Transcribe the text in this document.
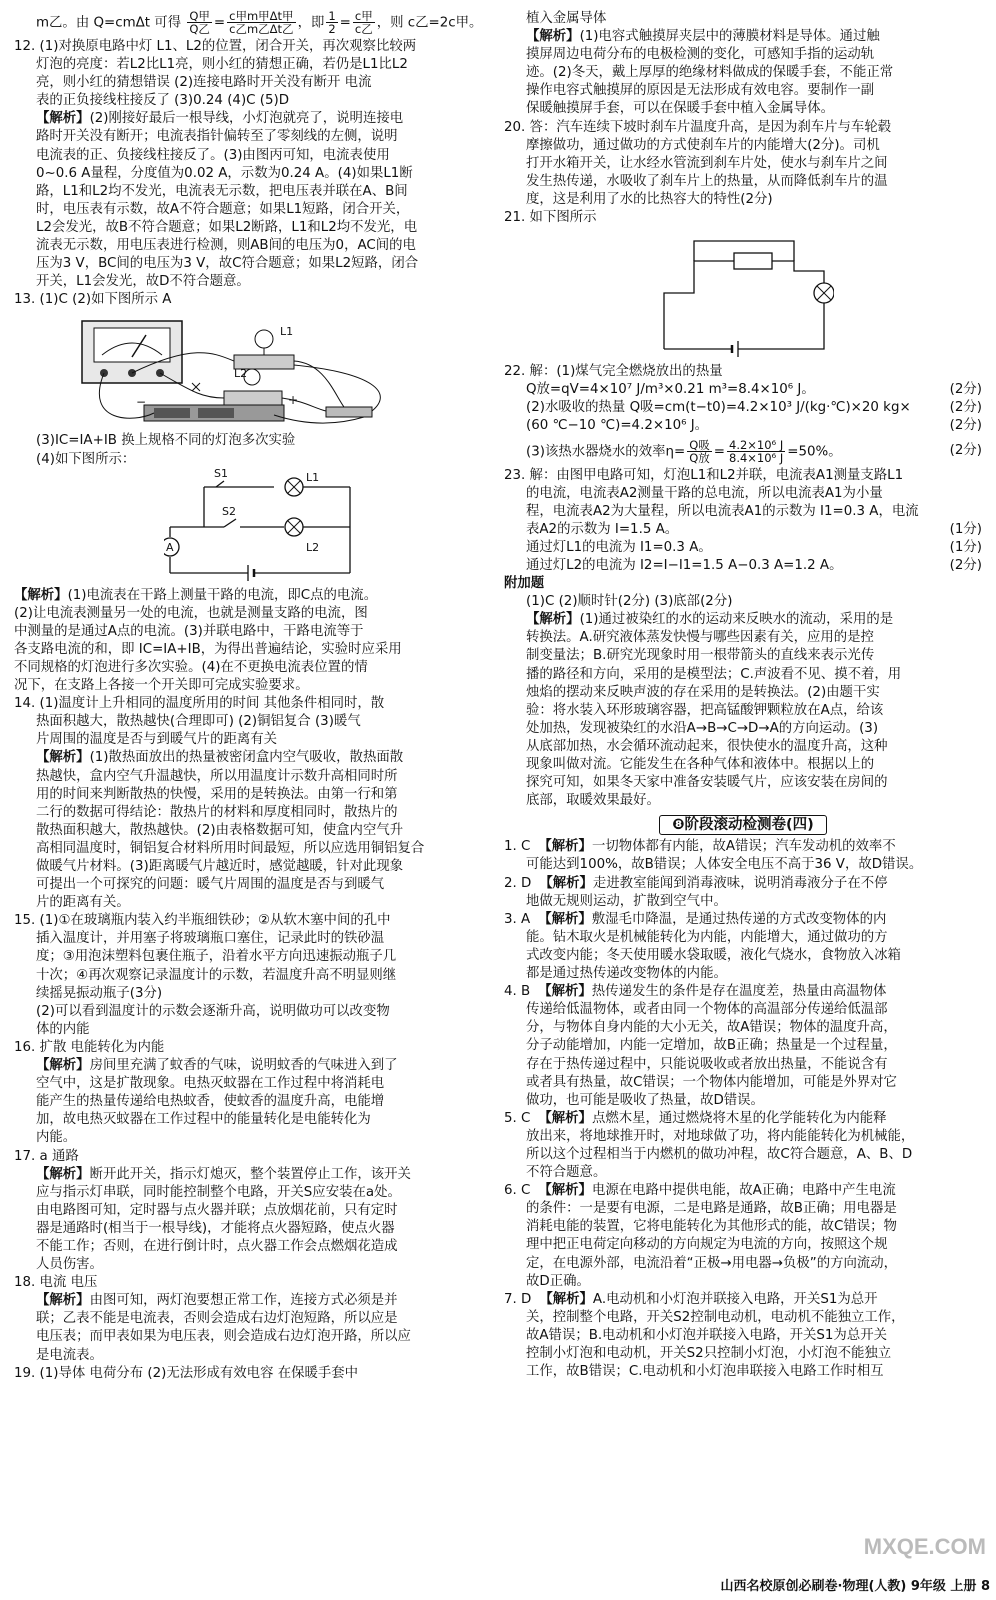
m乙。由 Q=cmΔt 可得 $\frac{\text{Q甲}}{\text{Q乙}} = \frac{\text{c甲m甲Δt甲}}{\text{c乙m乙Δt乙}}$ ，即 $\frac{1}{2} = \frac{\text{c甲}}{\text{c乙}}$ ，则 c乙=2c甲。

12. (1)对换原电路中灯 L1、L2的位置，闭合开关，再次观察比较两

灯泡的亮度：若L2比L1亮，则小红的猜想正确，若仍是L1比L2

亮，则小红的猜想错误 (2)连接电路时开关没有断开 电流

表的正负接线柱接反了 (3)0.24 (4)C (5)D

【解析】(2)刚接好最后一根导线，小灯泡就亮了，说明连接电

路时开关没有断开；电流表指针偏转至了零刻线的左侧，说明

电流表的正、负接线柱接反了。(3)由图丙可知，电流表使用

0~0.6 A量程，分度值为0.02 A，示数为0.24 A。(4)如果L1断

路，L1和L2均不发光，电流表无示数，把电压表并联在A、B间

时，电压表有示数，故A不符合题意；如果L1短路，闭合开关，

L2会发光，故B不符合题意；如果L2断路，L1和L2均不发光，电

流表无示数，用电压表进行检测，则AB间的电压为0，AC间的电

压为3 V，BC间的电压为3 V，故C符合题意；如果L2短路，闭合

开关，L1会发光，故D不符合题意。

13. (1)C (2)如下图所示 A

L1
L2
−	+

(3)IC=IA+IB 换上规格不同的灯泡多次实验

(4)如下图所示：

S1
S2
L1
L2
A

【解析】(1)电流表在干路上测量干路的电流，即C点的电流。

(2)让电流表测量另一处的电流，也就是测量支路的电流，图

中测量的是通过A点的电流。(3)并联电路中，干路电流等于

各支路电流的和，即 IC=IA+IB，为得出普遍结论，实验时应采用

不同规格的灯泡进行多次实验。(4)在不更换电流表位置的情

况下，在支路上各接一个开关即可完成实验要求。

14. (1)温度计上升相同的温度所用的时间 其他条件相同时，散

热面积越大，散热越快(合理即可) (2)铜铝复合 (3)暖气

片周围的温度是否与到暖气片的距离有关

【解析】(1)散热面放出的热量被密闭盒内空气吸收，散热面散

热越快，盒内空气升温越快，所以用温度计示数升高相同时所

用的时间来判断散热的快慢，采用的是转换法。由第一行和第

二行的数据可得结论：散热片的材料和厚度相同时，散热片的

散热面积越大，散热越快。(2)由表格数据可知，使盒内空气升

高相同温度时，铜铝复合材料所用时间最短，所以应选用铜铝复合

做暖气片材料。(3)距离暖气片越近时，感觉越暖，针对此现象

可提出一个可探究的问题：暖气片周围的温度是否与到暖气

片的距离有关。

15. (1)①在玻璃瓶内装入约半瓶细铁砂；②从软木塞中间的孔中

插入温度计，并用塞子将玻璃瓶口塞住，记录此时的铁砂温

度；③用泡沫塑料包裹住瓶子，沿着水平方向迅速振动瓶子几

十次；④再次观察记录温度计的示数，若温度升高不明显则继

续摇晃振动瓶子(3分)

(2)可以看到温度计的示数会逐渐升高，说明做功可以改变物

体的内能

16. 扩散 电能转化为内能

【解析】房间里充满了蚊香的气味，说明蚊香的气味进入到了

空气中，这是扩散现象。电热灭蚊器在工作过程中将消耗电

能产生的热量传递给电热蚊香，使蚊香的温度升高，电能增

加，故电热灭蚊器在工作过程中的能量转化是电能转化为

内能。

17. a 通路

【解析】断开此开关，指示灯熄灭，整个装置停止工作，该开关

应与指示灯串联，同时能控制整个电路，开关S应安装在a处。

由电路图可知，定时器与点火器并联；点放烟花前，只有定时

器是通路时(相当于一根导线)，才能将点火器短路，使点火器

不能工作；否则，在进行倒计时，点火器工作会点燃烟花造成

人员伤害。

18. 电流 电压

【解析】由图可知，两灯泡要想正常工作，连接方式必须是并

联；乙表不能是电流表，否则会造成右边灯泡短路，所以应是

电压表；而甲表如果为电压表，则会造成右边灯泡开路，所以应

是电流表。

19. (1)导体 电荷分布 (2)无法形成有效电容 在保暖手套中

植入金属导体

【解析】(1)电容式触摸屏夹层中的薄膜材料是导体。通过触

摸屏周边电荷分布的电极检测的变化，可感知手指的运动轨

迹。(2)冬天，戴上厚厚的绝缘材料做成的保暖手套，不能正常

操作电容式触摸屏的原因是无法形成有效电容。要制作一副

保暖触摸屏手套，可以在保暖手套中植入金属导体。

20. 答：汽车连续下坡时刹车片温度升高，是因为刹车片与车轮毂

摩擦做功，通过做功的方式使刹车片的内能增大(2分)。司机

打开水箱开关，让水经水管流到刹车片处，使水与刹车片之间

发生热传递，水吸收了刹车片上的热量，从而降低刹车片的温

度，这是利用了水的比热容大的特性(2分)

21. 如下图所示

22. 解：(1)煤气完全燃烧放出的热量

Q放=qV=4×10⁷ J/m³×0.21 m³=8.4×10⁶ J。	(2分)
(2)水吸收的热量 Q吸=cm(t−t0)=4.2×10³ J/(kg·℃)×20 kg×	(2分)
(60 ℃−10 ℃)=4.2×10⁶ J。	(2分)
(3)该热水器烧水的效率$\eta= \frac{\text{Q吸}}{\text{Q放}} = \frac{\text{4.2×10⁶ J}}{\text{8.4×10⁶ J}} =50\%$。	(2分)

23. 解：由图甲电路可知，灯泡L1和L2并联，电流表A1测量支路L1

的电流，电流表A2测量干路的总电流，所以电流表A1为小量

程，电流表A2为大量程，所以电流表A1的示数为 I1=0.3 A，电流

表A2的示数为 I=1.5 A。	(1分)
通过灯L1的电流为 I1=0.3 A。	(1分)
通过灯L2的电流为 I2=I−I1=1.5 A−0.3 A=1.2 A。	(2分)

附加题

(1)C (2)顺时针(2分) (3)底部(2分)

【解析】(1)通过被染红的水的运动来反映水的流动，采用的是

转换法。A.研究液体蒸发快慢与哪些因素有关，应用的是控

制变量法；B.研究光现象时用一根带箭头的直线来表示光传

播的路径和方向，采用的是模型法；C.声波看不见、摸不着，用

烛焰的摆动来反映声波的存在采用的是转换法。(2)由题干实

验：将水装入环形玻璃容器，把高锰酸钾颗粒放在A点，给该

处加热，发现被染红的水沿A→B→C→D→A的方向运动。(3)

从底部加热，水会循环流动起来，很快使水的温度升高，这种

现象叫做对流。它能发生在各种气体和液体中。根据以上的

探究可知，如果冬天家中准备安装暖气片，应该安装在房间的

底部，取暖效果最好。

❽阶段滚动检测卷(四)

1. C 【解析】一切物体都有内能，故A错误；汽车发动机的效率不

可能达到100%，故B错误；人体安全电压不高于36 V，故D错误。

2. D 【解析】走进教室能闻到消毒液味，说明消毒液分子在不停

地做无规则运动，扩散到空气中。

3. A 【解析】敷湿毛巾降温，是通过热传递的方式改变物体的内

能。钻木取火是机械能转化为内能，内能增大，通过做功的方

式改变内能；冬天使用暖水袋取暖，液化气烧水，食物放入冰箱

都是通过热传递改变物体的内能。

4. B 【解析】热传递发生的条件是存在温度差，热量由高温物体

传递给低温物体，或者由同一个物体的高温部分传递给低温部

分，与物体自身内能的大小无关，故A错误；物体的温度升高，

分子动能增加，内能一定增加，故B正确；热量是一个过程量，

存在于热传递过程中，只能说吸收或者放出热量，不能说含有

或者具有热量，故C错误；一个物体内能增加，可能是外界对它

做功，也可能是吸收了热量，故D错误。

5. C 【解析】点燃木星，通过燃烧将木星的化学能转化为内能释

放出来，将地球推开时，对地球做了功，将内能能转化为机械能，

所以这个过程相当于内燃机的做功冲程，故C符合题意，A、B、D

不符合题意。

6. C 【解析】电源在电路中提供电能，故A正确；电路中产生电流

的条件：一是要有电源，二是电路是通路，故B正确；用电器是

消耗电能的装置，它将电能转化为其他形式的能，故C错误；物

理中把正电荷定向移动的方向规定为电流的方向，按照这个规

定，在电源外部，电流沿着“正极→用电器→负极”的方向流动，

故D正确。

7. D 【解析】A.电动机和小灯泡并联接入电路，开关S1为总开

关，控制整个电路，开关S2控制电动机，电动机不能独立工作，

故A错误；B.电动机和小灯泡并联接入电路，开关S1为总开关

控制小灯泡和电动机，开关S2只控制小灯泡，小灯泡不能独立

工作，故B错误；C.电动机和小灯泡串联接入电路工作时相互

山西名校原创必刷卷·物理(人教) 9年级 上册 8
MXQE.COM
